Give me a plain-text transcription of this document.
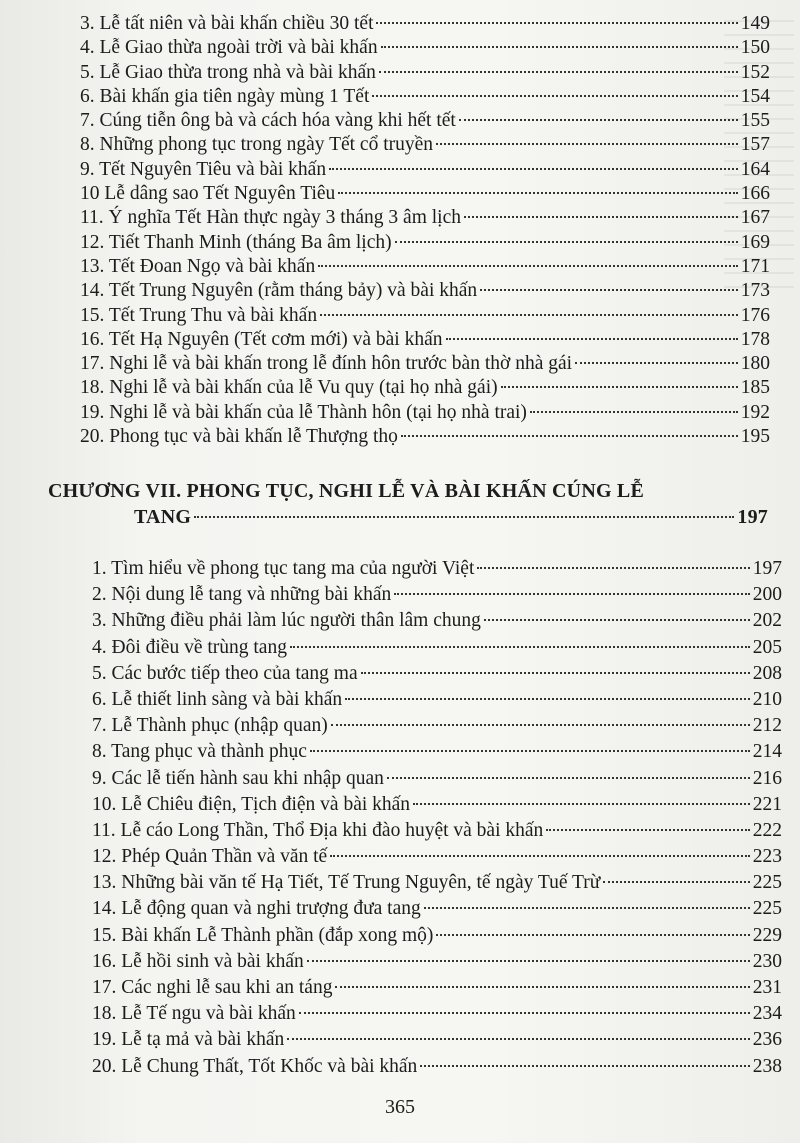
3. Lễ tất niên và bài khấn chiều 30 tết	149
4. Lễ Giao thừa ngoài trời và bài khấn	150
5. Lễ Giao thừa trong nhà và bài khấn	152
6. Bài khấn gia tiên ngày mùng 1 Tết	154
7. Cúng tiễn ông bà và cách hóa vàng khi hết tết	155
8. Những phong tục trong ngày Tết cổ truyền	157
9. Tết Nguyên Tiêu và bài khấn	164
10 Lễ dâng sao Tết Nguyên Tiêu	166
11. Ý nghĩa Tết Hàn thực ngày 3 tháng 3 âm lịch	167
12. Tiết Thanh Minh (tháng Ba âm lịch)	169
13. Tết Đoan Ngọ và bài khấn	171
14. Tết Trung Nguyên (rằm tháng bảy) và bài khấn	173
15. Tết Trung Thu và bài khấn	176
16. Tết Hạ Nguyên (Tết cơm mới) và bài khấn	178
17. Nghi lễ và bài khấn trong lễ đính hôn trước bàn thờ nhà gái	180
18. Nghi lễ và bài khấn của lễ Vu quy (tại họ nhà gái)	185
19. Nghi lễ và bài khấn của lễ Thành hôn (tại họ nhà trai)	192
20. Phong tục và bài khấn lễ Thượng thọ	195
CHƯƠNG VII. PHONG TỤC, NGHI LỄ VÀ BÀI KHẤN CÚNG LỄ
TANG	197
1. Tìm hiểu về phong tục tang ma của người Việt	197
2. Nội dung lễ tang và những bài khấn	200
3. Những điều phải làm lúc người thân lâm chung	202
4. Đôi điều về trùng tang	205
5. Các bước tiếp theo của tang ma	208
6. Lễ thiết linh sàng và bài khấn	210
7. Lễ Thành phục (nhập quan)	212
8. Tang phục và thành phục	214
9. Các lễ tiến hành sau khi nhập quan	216
10. Lễ Chiêu điện, Tịch điện và bài khấn	221
11. Lễ cáo Long Thần, Thổ Địa khi đào huyệt và bài khấn	222
12. Phép Quản Thần và văn tế	223
13. Những bài văn tế Hạ Tiết, Tế Trung Nguyên, tế ngày Tuế Trừ	225
14. Lễ động quan và nghi trượng đưa tang	225
15. Bài khấn Lễ Thành phần (đắp xong mộ)	229
16. Lễ hồi sinh và bài khấn	230
17. Các nghi lễ sau khi an táng	231
18. Lễ Tế ngu và bài khấn	234
19. Lễ tạ mả và bài khấn	236
20. Lễ Chung Thất, Tốt Khốc và bài khấn	238
365
